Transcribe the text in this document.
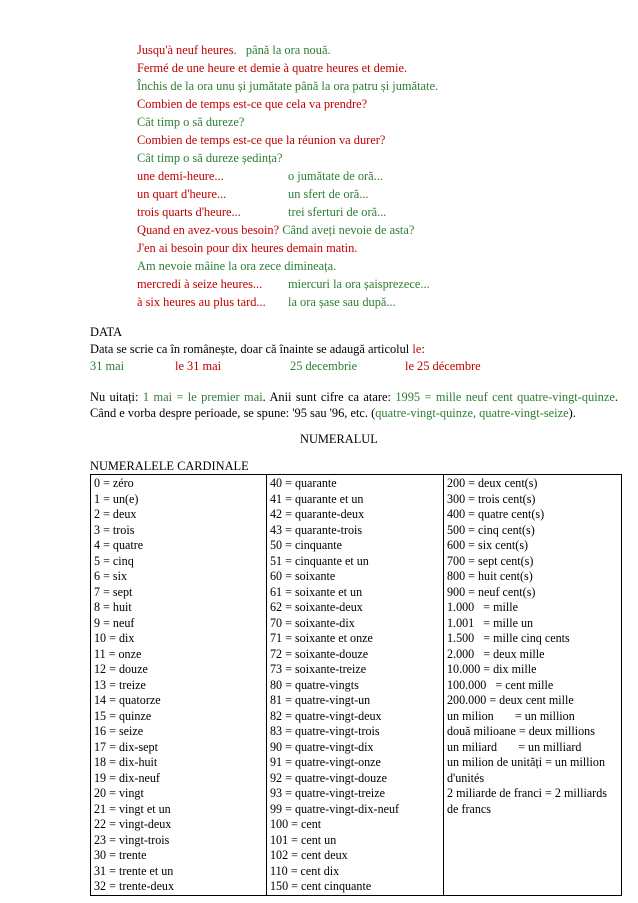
Jusqu'à neuf heures. până la ora nouă.
Fermé de une heure et demie à quatre heures et demie.
Închis de la ora unu și jumătate până la ora patru și jumătate.
Combien de temps est-ce que cela va prendre?
Cât timp o să dureze?
Combien de temps est-ce que la réunion va durer?
Cât timp o să dureze ședința?
une demi-heure...	o jumătate de oră...
un quart d'heure...	un sfert de oră...
trois quarts d'heure...	trei sferturi de oră...
Quand en avez-vous besoin? Când aveți nevoie de asta?
J'en ai besoin pour dix heures demain matin.
Am nevoie mâine la ora zece dimineața.
mercredi à seize heures... miercuri la ora șaisprezece...
à six heures au plus tard... la ora șase sau după...
DATA
Data se scrie ca în românește, doar că înainte se adaugă articolul le:
31 mai	le 31 mai	25 decembrie	le 25 décembre
Nu uitați: 1 mai = le premier mai. Anii sunt cifre ca atare: 1995 = mille neuf cent quatre-vingt-quinze. Când e vorba despre perioade, se spune: '95 sau '96, etc. (quatre-vingt-quinze, quatre-vingt-seize).
NUMERALUL
NUMERALELE CARDINALE
0 = zéro
1 = un(e)
2 = deux
3 = trois
4 = quatre
5 = cinq
6 = six
7 = sept
8 = huit
9 = neuf
10 = dix
11 = onze
12 = douze
13 = treize
14 = quatorze
15 = quinze
16 = seize
17 = dix-sept
18 = dix-huit
19 = dix-neuf
20 = vingt
21 = vingt et un
22 = vingt-deux
23 = vingt-trois
30 = trente
31 = trente et un
32 = trente-deux

40 = quarante
41 = quarante et un
42 = quarante-deux
43 = quarante-trois
50 = cinquante
51 = cinquante et un
60 = soixante
61 = soixante et un
62 = soixante-deux
70 = soixante-dix
71 = soixante et onze
72 = soixante-douze
73 = soixante-treize
80 = quatre-vingts
81 = quatre-vingt-un
82 = quatre-vingt-deux
83 = quatre-vingt-trois
90 = quatre-vingt-dix
91 = quatre-vingt-onze
92 = quatre-vingt-douze
93 = quatre-vingt-treize
99 = quatre-vingt-dix-neuf
100 = cent
101 = cent un
102 = cent deux
110 = cent dix
150 = cent cinquante

200 = deux cent(s)
300 = trois cent(s)
400 = quatre cent(s)
500 = cinq cent(s)
600 = six cent(s)
700 = sept cent(s)
800 = huit cent(s)
900 = neuf cent(s)
1.000   = mille
1.001   = mille un
1.500   = mille cinq cents
2.000   = deux mille
10.000 = dix mille
100.000   = cent mille
200.000 = deux cent mille
un milion       = un million
două milioane = deux millions
un miliard       = un milliard
un milion de unități = un million d'unités
2 miliarde de franci = 2 milliards de francs
